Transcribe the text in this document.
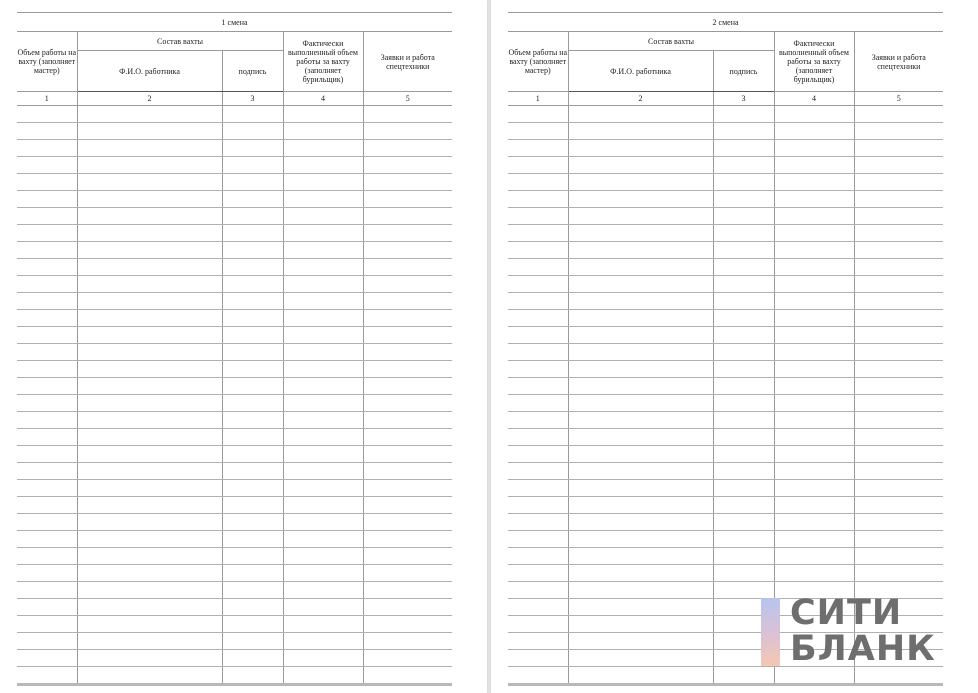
1 смена				
Объем работы на вахту (заполняет мастер)	Состав вахты		Фактически выполненный объем работы за вахту (заполняет бурильщик)	Заявки и работа спецтехники
	Ф.И.О. работника	подпись		
1	2	3	4	5

2 смена				
Объем работы на вахту (заполняет мастер)	Состав вахты		Фактически выполненный объем работы за вахту (заполняет бурильщик)	Заявки и работа спецтехники
	Ф.И.О. работника	подпись		
1	2	3	4	5

СИТИ
БЛАНК
